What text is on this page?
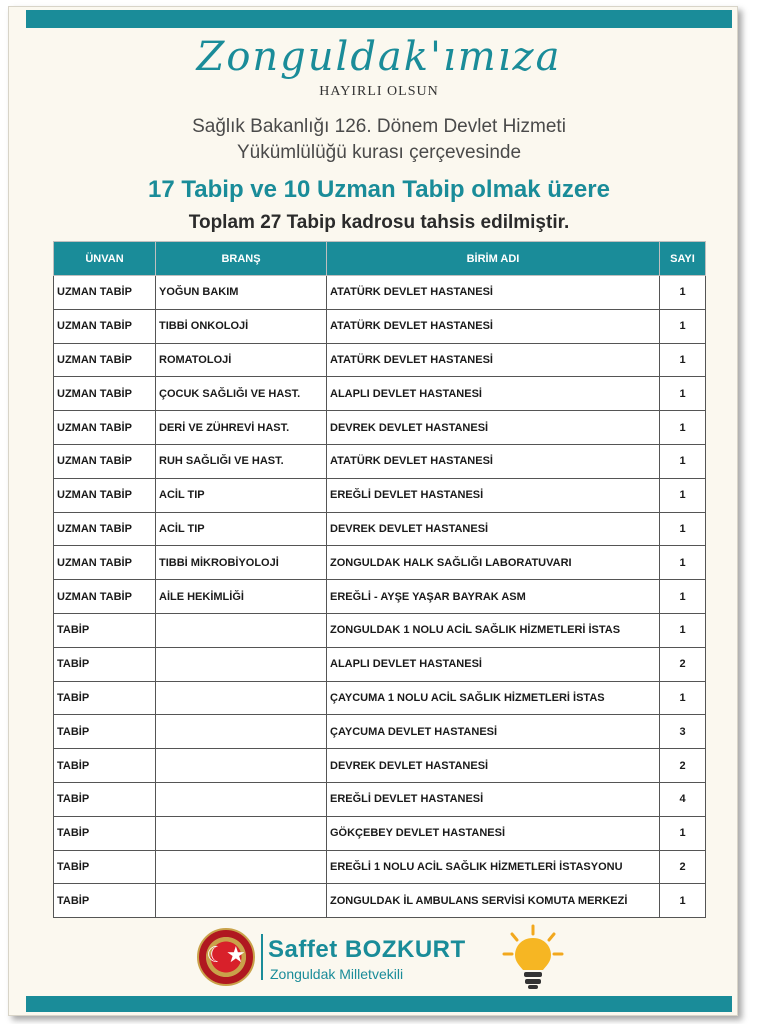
Zonguldak'ımıza
HAYIRLI OLSUN
Sağlık Bakanlığı 126. Dönem Devlet Hizmeti
Yükümlülüğü kurası çerçevesinde
17 Tabip ve 10 Uzman Tabip olmak üzere
Toplam 27 Tabip kadrosu tahsis edilmiştir.
ÜNVAN	BRANŞ	BİRİM ADI	SAYI
UZMAN TABİP	YOĞUN BAKIM	ATATÜRK DEVLET HASTANESİ	1
UZMAN TABİP	TIBBİ ONKOLOJİ	ATATÜRK DEVLET HASTANESİ	1
UZMAN TABİP	ROMATOLOJİ	ATATÜRK DEVLET HASTANESİ	1
UZMAN TABİP	ÇOCUK SAĞLIĞI VE HAST.	ALAPLI DEVLET HASTANESİ	1
UZMAN TABİP	DERİ VE ZÜHREVİ HAST.	DEVREK DEVLET HASTANESİ	1
UZMAN TABİP	RUH SAĞLIĞI VE HAST.	ATATÜRK DEVLET HASTANESİ	1
UZMAN TABİP	ACİL TIP	EREĞLİ DEVLET HASTANESİ	1
UZMAN TABİP	ACİL TIP	DEVREK DEVLET HASTANESİ	1
UZMAN TABİP	TIBBİ MİKROBİYOLOJİ	ZONGULDAK HALK SAĞLIĞI LABORATUVARI	1
UZMAN TABİP	AİLE HEKİMLİĞİ	EREĞLİ - AYŞE YAŞAR BAYRAK ASM	1
TABİP		ZONGULDAK 1 NOLU ACİL SAĞLIK HİZMETLERİ İSTAS	1
TABİP		ALAPLI DEVLET HASTANESİ	2
TABİP		ÇAYCUMA 1 NOLU ACİL SAĞLIK HİZMETLERİ İSTAS	1
TABİP		ÇAYCUMA DEVLET HASTANESİ	3
TABİP		DEVREK DEVLET HASTANESİ	2
TABİP		EREĞLİ DEVLET HASTANESİ	4
TABİP		GÖKÇEBEY DEVLET HASTANESİ	1
TABİP		EREĞLİ 1 NOLU ACİL SAĞLIK HİZMETLERİ İSTASYONU	2
TABİP		ZONGULDAK İL AMBULANS SERVİSİ KOMUTA MERKEZİ	1
☾★ Saffet BOZKURT
Zonguldak Milletvekili
